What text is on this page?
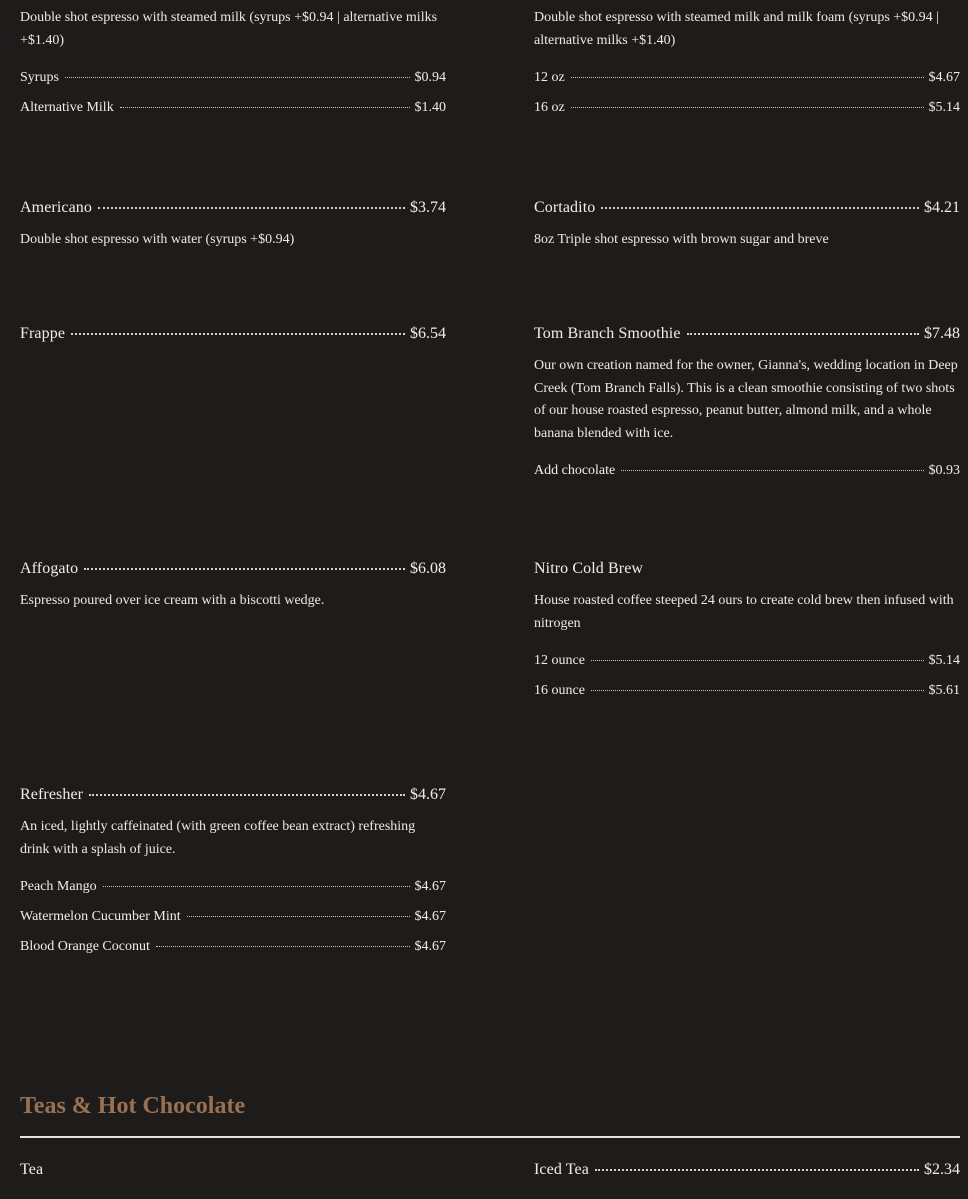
Double shot espresso with steamed milk (syrups +$0.94 | alternative milks +$1.40)

Syrups	$0.94
Alternative Milk	$1.40
Americano	$3.74

Double shot espresso with water (syrups +$0.94)

Frappe	$6.54
Affogato	$6.08

Espresso poured over ice cream with a biscotti wedge.

Refresher	$4.67

An iced, lightly caffeinated (with green coffee bean extract) refreshing drink with a splash of juice.

Peach Mango	$4.67
Watermelon Cucumber Mint	$4.67
Blood Orange Coconut	$4.67
Tea

Double shot espresso with steamed milk and milk foam (syrups +$0.94 | alternative milks +$1.40)

12 oz	$4.67
16 oz	$5.14
Cortadito	$4.21

8oz Triple shot espresso with brown sugar and breve

Tom Branch Smoothie	$7.48

Our own creation named for the owner, Gianna's, wedding location in Deep Creek (Tom Branch Falls). This is a clean smoothie consisting of two shots of our house roasted espresso, peanut butter, almond milk, and a whole banana blended with ice.

Add chocolate	$0.93
Nitro Cold Brew

House roasted coffee steeped 24 ours to create cold brew then infused with nitrogen

12 ounce	$5.14
16 ounce	$5.61
Iced Tea	$2.34
Teas & Hot Chocolate
